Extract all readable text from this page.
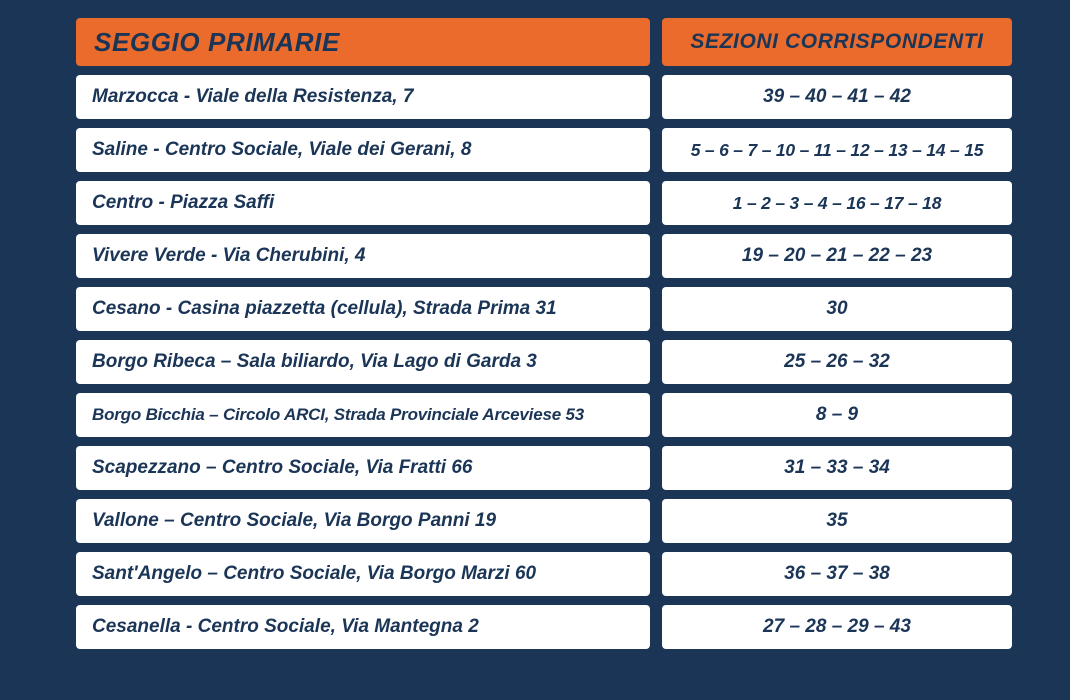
SEGGIO PRIMARIE	SEZIONI CORRISPONDENTI
Marzocca - Viale della Resistenza, 7	39 – 40 – 41 – 42
Saline - Centro Sociale, Viale dei Gerani, 8	5 – 6 – 7 – 10 – 11 – 12 – 13 – 14 – 15
Centro - Piazza Saffi	1 – 2 – 3 – 4 – 16 – 17 – 18
Vivere Verde - Via Cherubini, 4	19 – 20 – 21 – 22 – 23
Cesano - Casina piazzetta (cellula), Strada Prima 31	30
Borgo Ribeca – Sala biliardo, Via Lago di Garda 3	25 – 26 – 32
Borgo Bicchia – Circolo ARCI, Strada Provinciale Arceviese 53	8 – 9
Scapezzano – Centro Sociale, Via Fratti 66	31 – 33 – 34
Vallone – Centro Sociale, Via Borgo Panni 19	35
Sant'Angelo – Centro Sociale, Via Borgo Marzi 60	36 – 37 – 38
Cesanella - Centro Sociale, Via Mantegna 2	27 – 28 – 29 – 43
